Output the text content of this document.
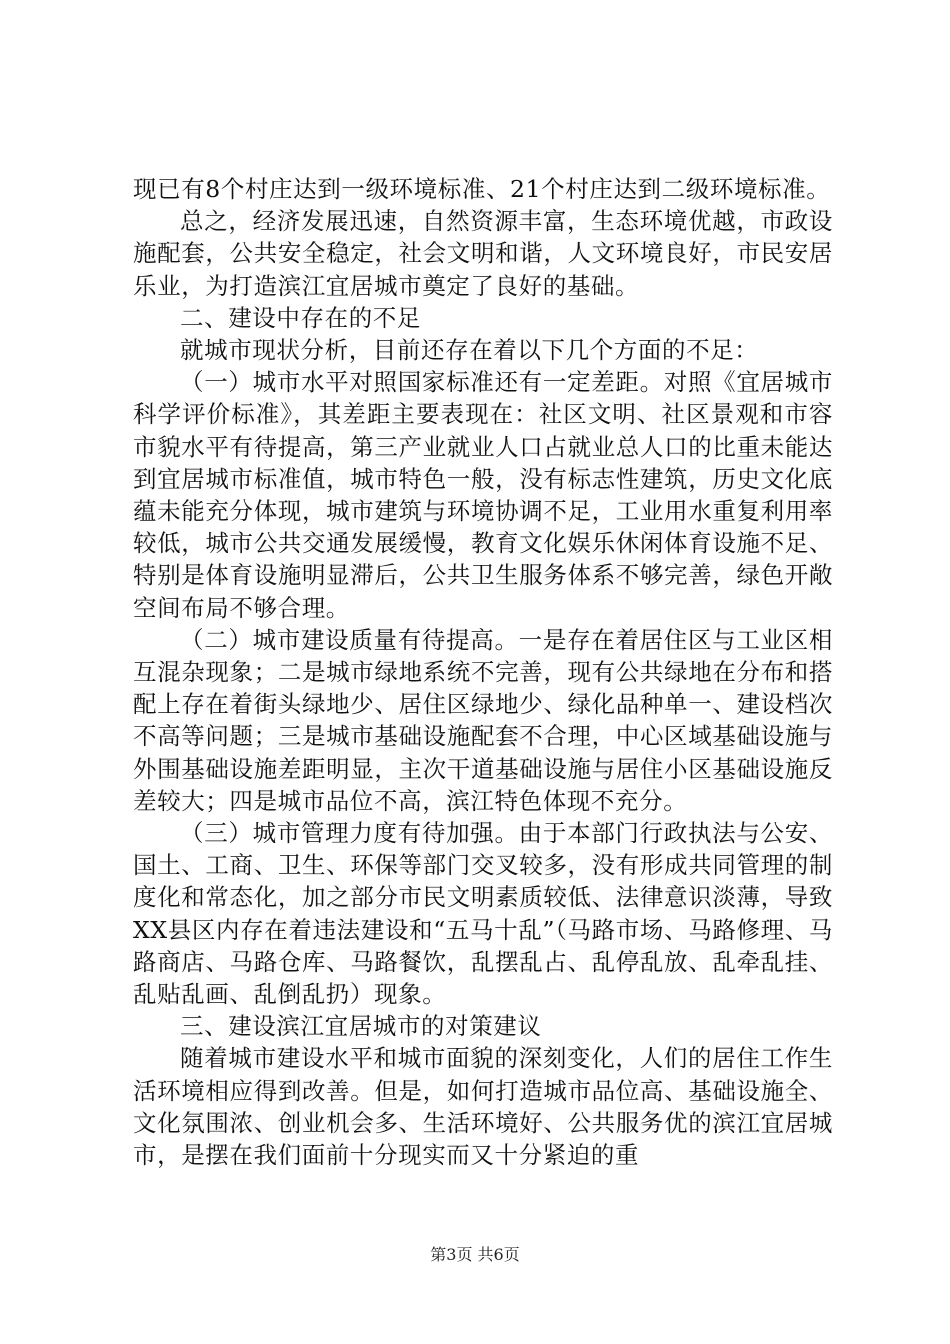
现已有8个村庄达到一级环境标准、21个村庄达到二级环境标准。

总之，经济发展迅速，自然资源丰富，生态环境优越，市政设施配套，公共安全稳定，社会文明和谐，人文环境良好，市民安居乐业，为打造滨江宜居城市奠定了良好的基础。

二、建设中存在的不足

就城市现状分析，目前还存在着以下几个方面的不足：

（一）城市水平对照国家标准还有一定差距。对照《宜居城市科学评价标准》，其差距主要表现在：社区文明、社区景观和市容市貌水平有待提高，第三产业就业人口占就业总人口的比重未能达到宜居城市标准值，城市特色一般，没有标志性建筑，历史文化底蕴未能充分体现，城市建筑与环境协调不足，工业用水重复利用率较低，城市公共交通发展缓慢，教育文化娱乐休闲体育设施不足、特别是体育设施明显滞后，公共卫生服务体系不够完善，绿色开敞空间布局不够合理。

（二）城市建设质量有待提高。一是存在着居住区与工业区相互混杂现象；二是城市绿地系统不完善，现有公共绿地在分布和搭配上存在着街头绿地少、居住区绿地少、绿化品种单一、建设档次不高等问题；三是城市基础设施配套不合理，中心区域基础设施与外围基础设施差距明显，主次干道基础设施与居住小区基础设施反差较大；四是城市品位不高，滨江特色体现不充分。

（三）城市管理力度有待加强。由于本部门行政执法与公安、国土、工商、卫生、环保等部门交叉较多，没有形成共同管理的制度化和常态化，加之部分市民文明素质较低、法律意识淡薄，导致XX县区内存在着违法建设和“五马十乱”（马路市场、马路修理、马路商店、马路仓库、马路餐饮，乱摆乱占、乱停乱放、乱牵乱挂、乱贴乱画、乱倒乱扔）现象。

三、建设滨江宜居城市的对策建议

随着城市建设水平和城市面貌的深刻变化，人们的居住工作生活环境相应得到改善。但是，如何打造城市品位高、基础设施全、文化氛围浓、创业机会多、生活环境好、公共服务优的滨江宜居城市，是摆在我们面前十分现实而又十分紧迫的重

第3页 共6页
